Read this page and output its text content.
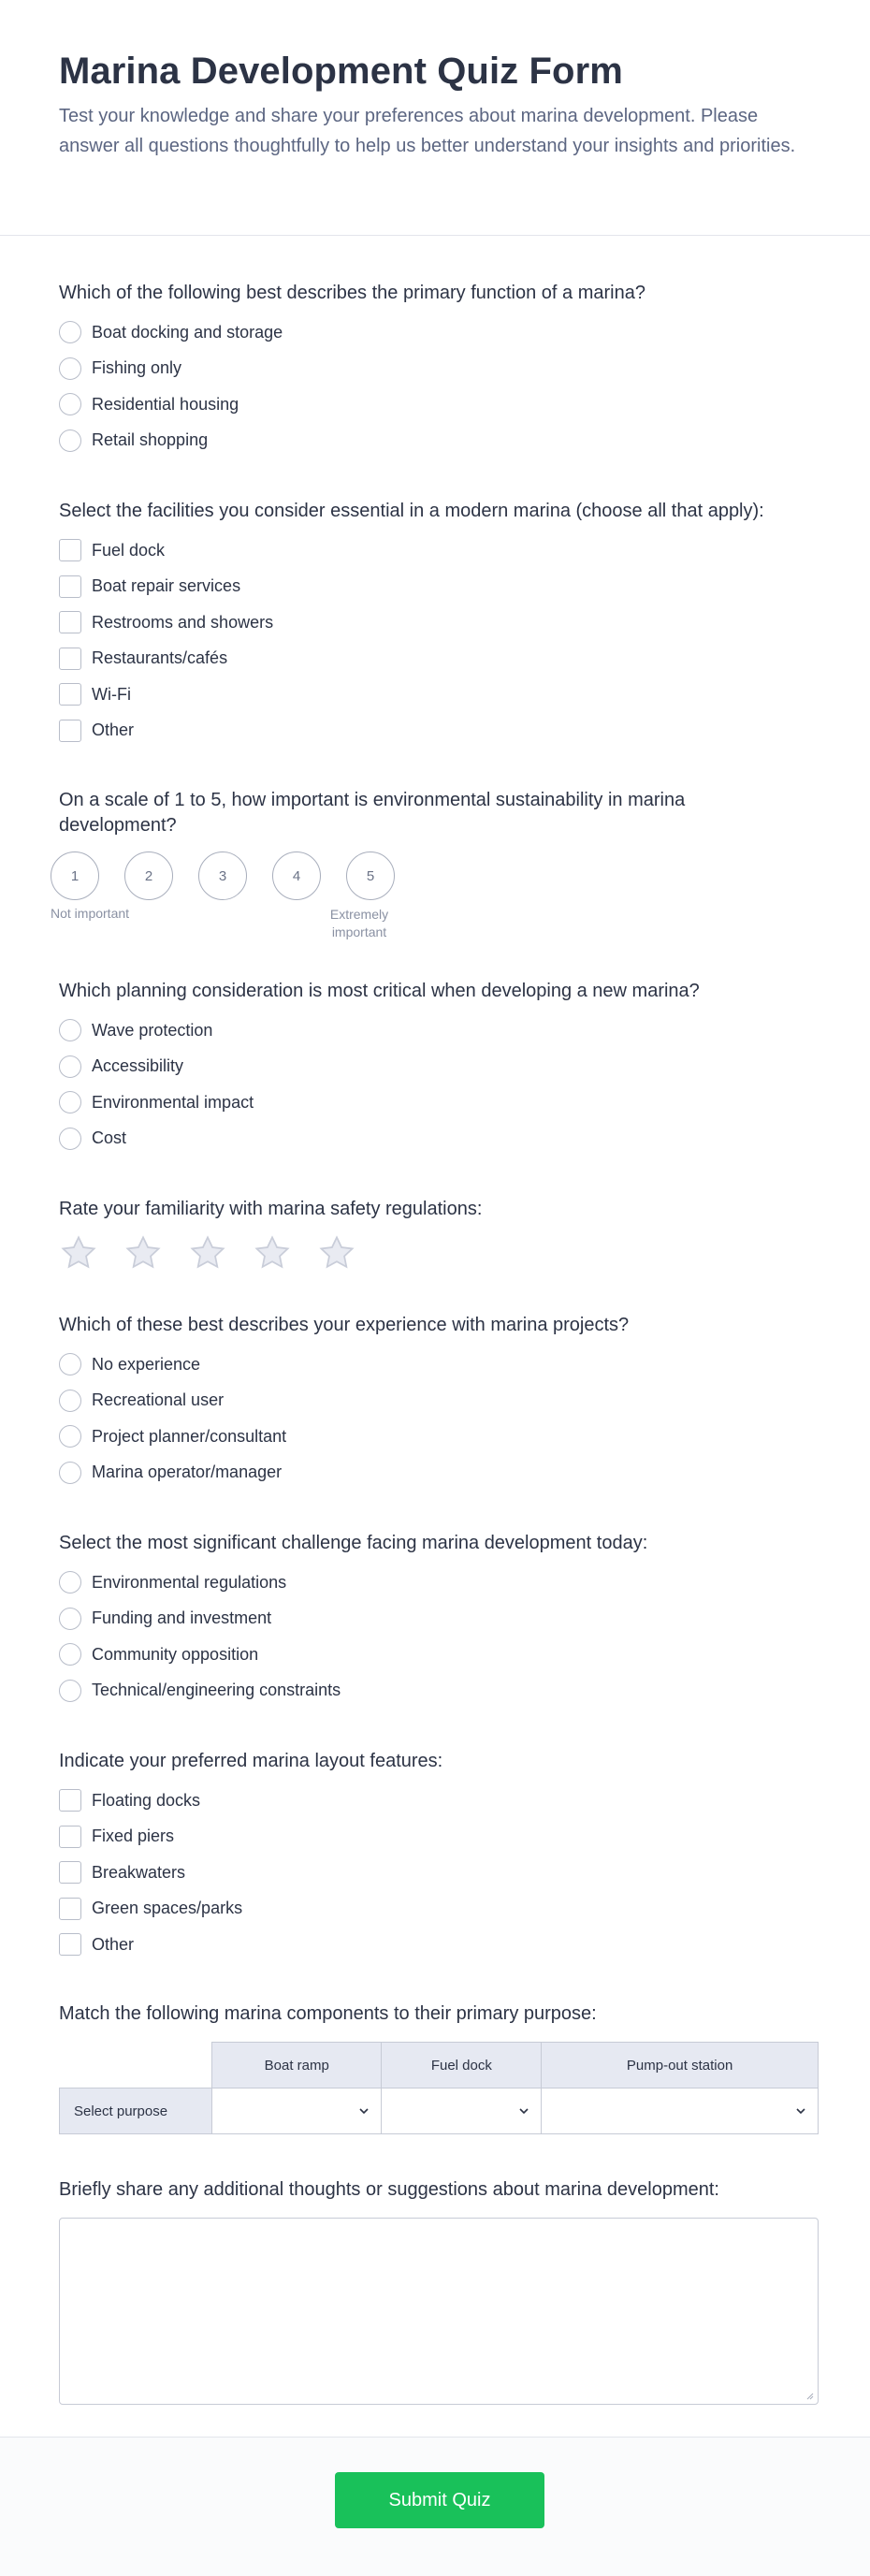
Marina Development Quiz Form

Test your knowledge and share your preferences about marina development. Please answer all questions thoughtfully to help us better understand your insights and priorities.

Which of the following best describes the primary function of a marina?
Boat docking and storage
Fishing only
Residential housing
Retail shopping
Select the facilities you consider essential in a modern marina (choose all that apply):
Fuel dock
Boat repair services
Restrooms and showers
Restaurants/cafés
Wi-Fi
Other
On a scale of 1 to 5, how important is environmental sustainability in marina development?
1	2	3	4	5
Not important	Extremely important
Which planning consideration is most critical when developing a new marina?
Wave protection
Accessibility
Environmental impact
Cost
Rate your familiarity with marina safety regulations:
Which of these best describes your experience with marina projects?
No experience
Recreational user
Project planner/consultant
Marina operator/manager
Select the most significant challenge facing marina development today:
Environmental regulations
Funding and investment
Community opposition
Technical/engineering constraints
Indicate your preferred marina layout features:
Floating docks
Fixed piers
Breakwaters
Green spaces/parks
Other
Match the following marina components to their primary purpose:
	Boat ramp	Fuel dock	Pump-out station
Select purpose	

Briefly share any additional thoughts or suggestions about marina development:
Submit Quiz
